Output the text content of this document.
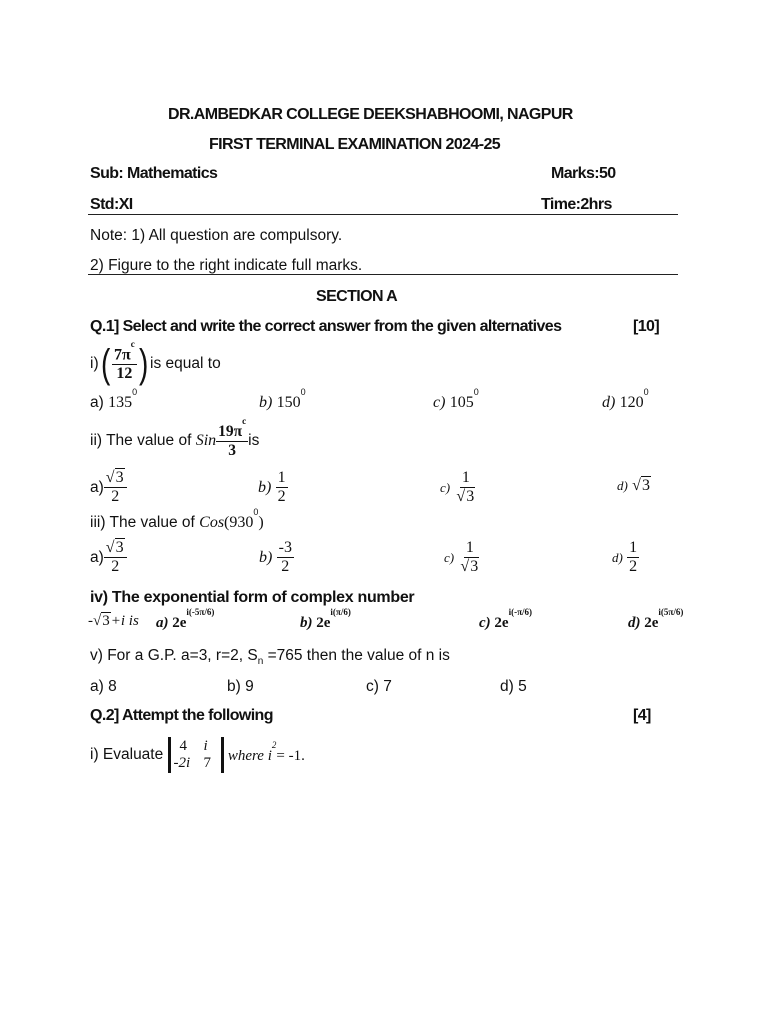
DR.AMBEDKAR COLLEGE DEEKSHABHOOMI, NAGPUR
FIRST TERMINAL EXAMINATION 2024-25
Sub: Mathematics	Marks:50
Std:XI	Time:2hrs
Note: 1) All question are compulsory.
2) Figure to the right indicate full marks.
SECTION A
Q.1] Select and write the correct answer from the given alternatives	[10]
i) ( $\frac{7\pi^c}{12}$ ) is equal to
a) $135^0$
b) $150^0$
c) $105^0$
d) $120^0$
ii) The value of
Sin $\frac{19\pi^c}{3}$ is
$a) \frac{√3}{2}$	b)
$\frac{1}{2}$	c)
$\frac{1}{√3}$	d) √3
iii) The value of $Cos(930^0)$
$a) \frac{√3}{2}$	b)
$\frac{-3}{2}$	c)
$\frac{1}{√3}$	d)
$\frac{1}{2}$
iv) The exponential form of complex number
-√3+i is a) $2e^{i(-5\pi/6)}$
b) $2e^{i(\pi/6)}$
c) $2e^{i(-\pi/6)}$
d) $2e^{i(5\pi/6)}$
v) For a G.P. a=3, r=2, $S_n =765$ then the value of n is
a) 8	b) 9	c) 7	d) 5
Q.2] Attempt the following	[4]
i) Evaluate
	4	i
-2i 7
	where $i^2= -1$.
